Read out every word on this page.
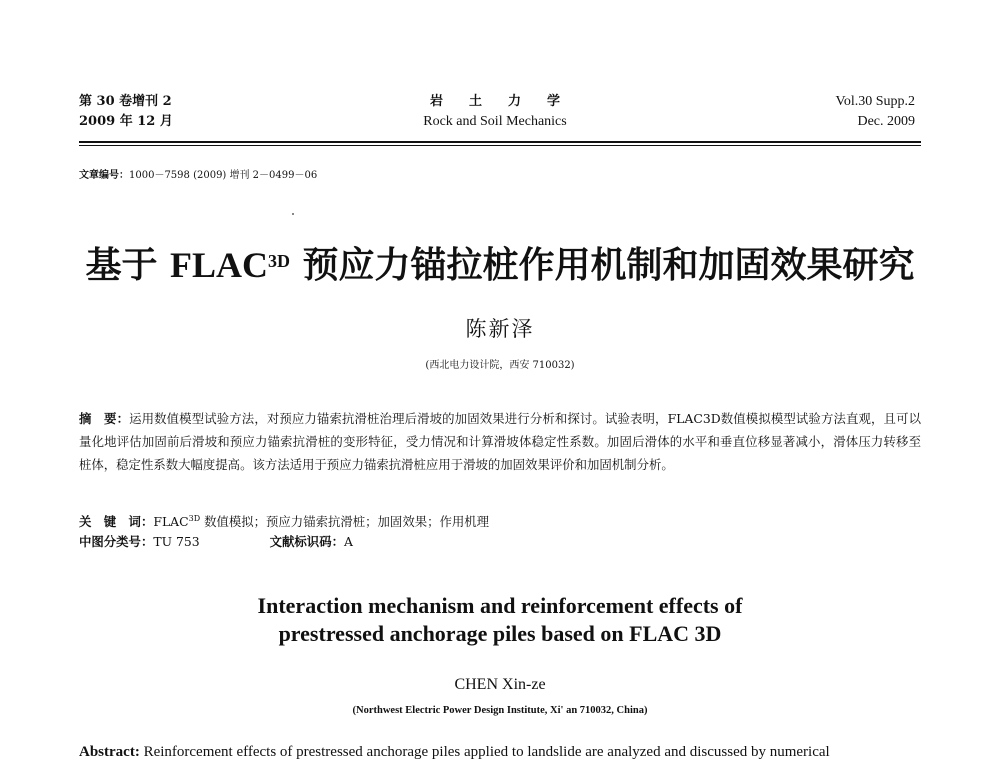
第 30 卷增刊 2
2009 年 12 月
岩土力学
Rock and Soil Mechanics
Vol.30 Supp.2
Dec. 2009
文章编号：1000－7598 (2009) 增刊 2－0499－06
基于 $FLAC^{3D}$ 预应力锚拉桩作用机制和加固效果研究
陈新泽
(西北电力设计院，西安 710032)
摘　要：运用数值模型试验方法，对预应力锚索抗滑桩治理后滑坡的加固效果进行分析和探讨。试验表明，FLAC3D数值模拟模型试验方法直观，且可以量化地评估加固前后滑坡和预应力锚索抗滑桩的变形特征，受力情况和计算滑坡体稳定性系数。加固后滑体的水平和垂直位移显著减小，滑体压力转移至桩体，稳定性系数大幅度提高。该方法适用于预应力锚索抗滑桩应用于滑坡的加固效果评价和加固机制分析。
关　键　词：$FLAC^{3D}$ 数值模拟；预应力锚索抗滑桩；加固效果；作用机理
中图分类号：TU 753	文献标识码：A
Interaction mechanism and reinforcement effects of
prestressed anchorage piles based on FLAC 3D
CHEN Xin-ze
(Northwest Electric Power Design Institute, Xi' an 710032, China)
Abstract: Reinforcement effects of prestressed anchorage piles applied to landslide are analyzed and discussed by numerical
